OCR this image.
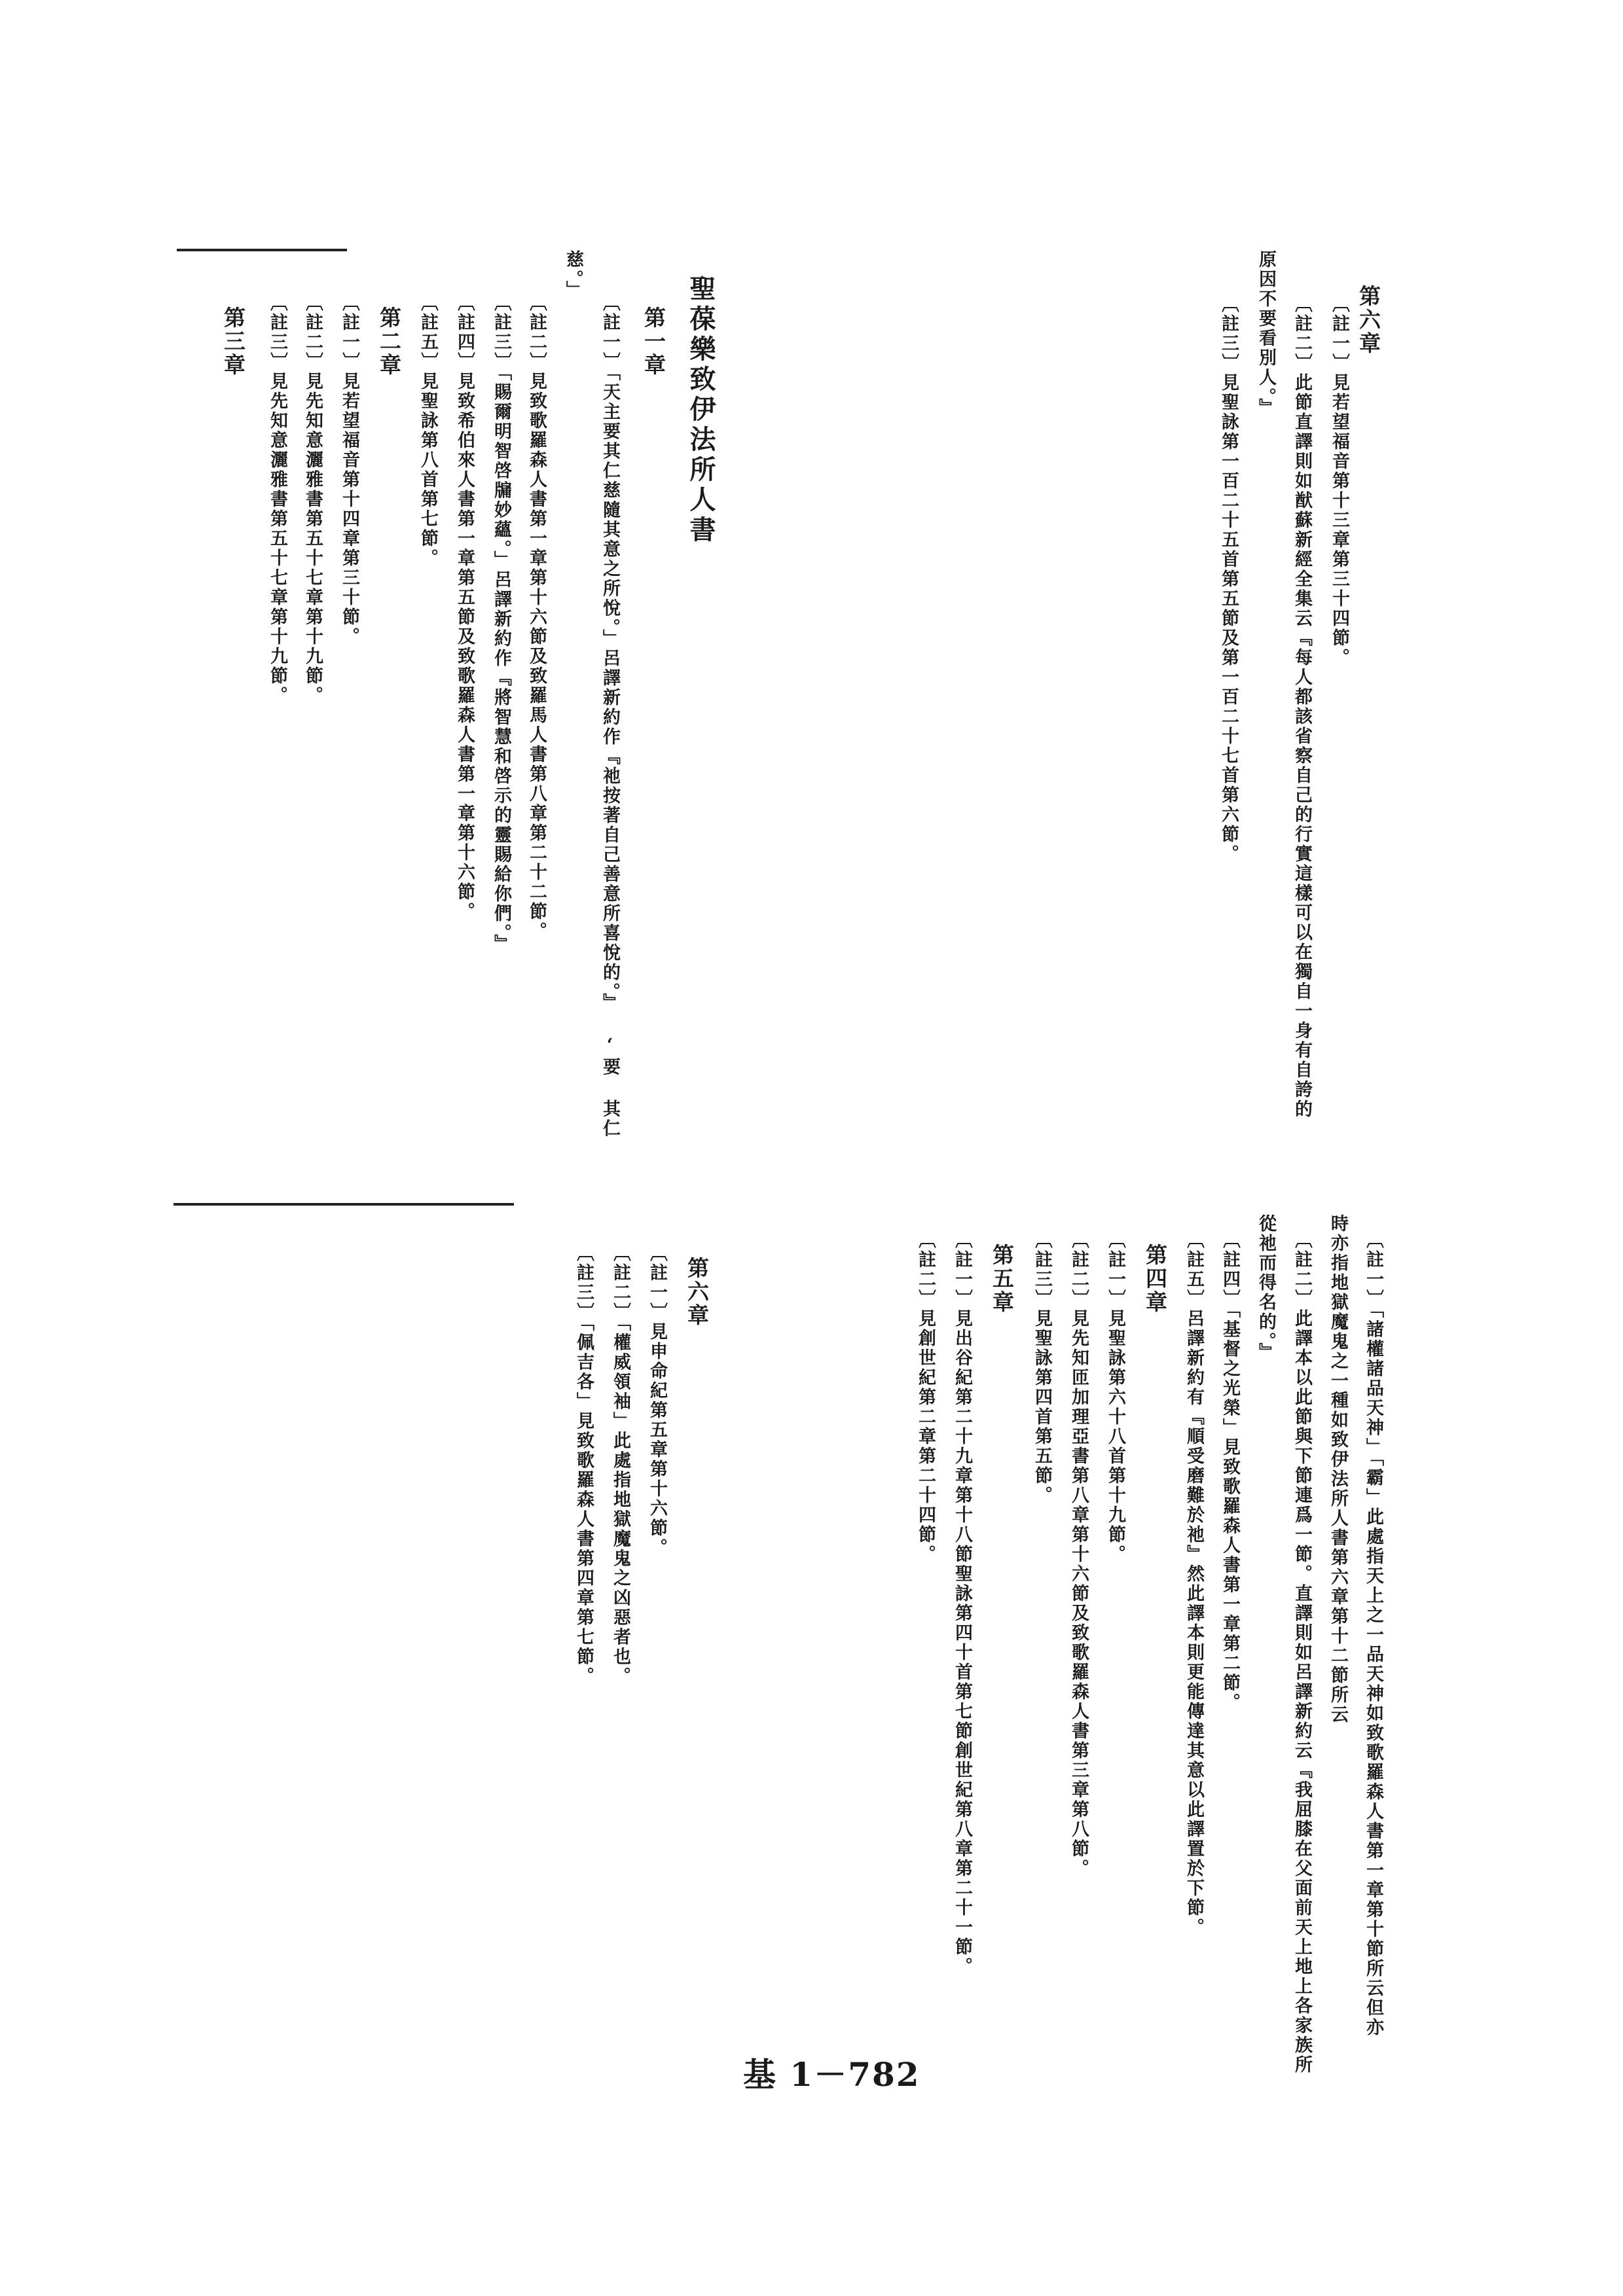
第六章
〔註一〕見若望福音第十三章第三十四節。
〔註二〕此節直譯則如猷蘇新經全集云『每人都該省察自己的行實這樣可以在獨自一身有自誇的
原因不要看別人。』
〔註三〕見聖詠第一百二十五首第五節及第一百二十七首第六節。
聖葆樂致伊法所人書
第一章
〔註一〕「天主要其仁慈隨其意之所悅。」呂譯新約作『祂按著自己善意所喜悅的。』 ‘要 其仁
慈。」
〔註二〕見致歌羅森人書第一章第十六節及致羅馬人書第八章第二十二節。
〔註三〕「賜爾明智啓牖妙蘊。」呂譯新約作『將智慧和啓示的靈賜給你們。』
〔註四〕見致希伯來人書第一章第五節及致歌羅森人書第一章第十六節。
〔註五〕見聖詠第八首第七節。
第二章
〔註一〕見若望福音第十四章第三十節。
〔註二〕見先知意灑雅書第五十七章第十九節。
〔註三〕見先知意灑雅書第五十七章第十九節。
第三章
〔註一〕「諸權諸品天神」「霸」此處指天上之一品天神如致歌羅森人書第一章第十節所云但亦
時亦指地獄魔鬼之一種如致伊法所人書第六章第十二節所云
〔註二〕此譯本以此節與下節連爲一節。直譯則如呂譯新約云『我屈膝在父面前天上地上各家族所
從祂而得名的。』
〔註四〕「基督之光榮」見致歌羅森人書第一章第二節。
〔註五〕呂譯新約有『順受磨難於祂』然此譯本則更能傳達其意以此譯置於下節。
第四章
〔註一〕見聖詠第六十八首第十九節。
〔註二〕見先知匝加理亞書第八章第十六節及致歌羅森人書第三章第八節。
〔註三〕見聖詠第四首第五節。
第五章
〔註一〕見出谷紀第二十九章第十八節聖詠第四十首第七節創世紀第八章第二十一節。
〔註二〕見創世紀第二章第二十四節。
第六章
〔註一〕見申命紀第五章第十六節。
〔註二〕「權威領袖」此處指地獄魔鬼之凶惡者也。
〔註三〕「佩吉各」見致歌羅森人書第四章第七節。
基 1－782
